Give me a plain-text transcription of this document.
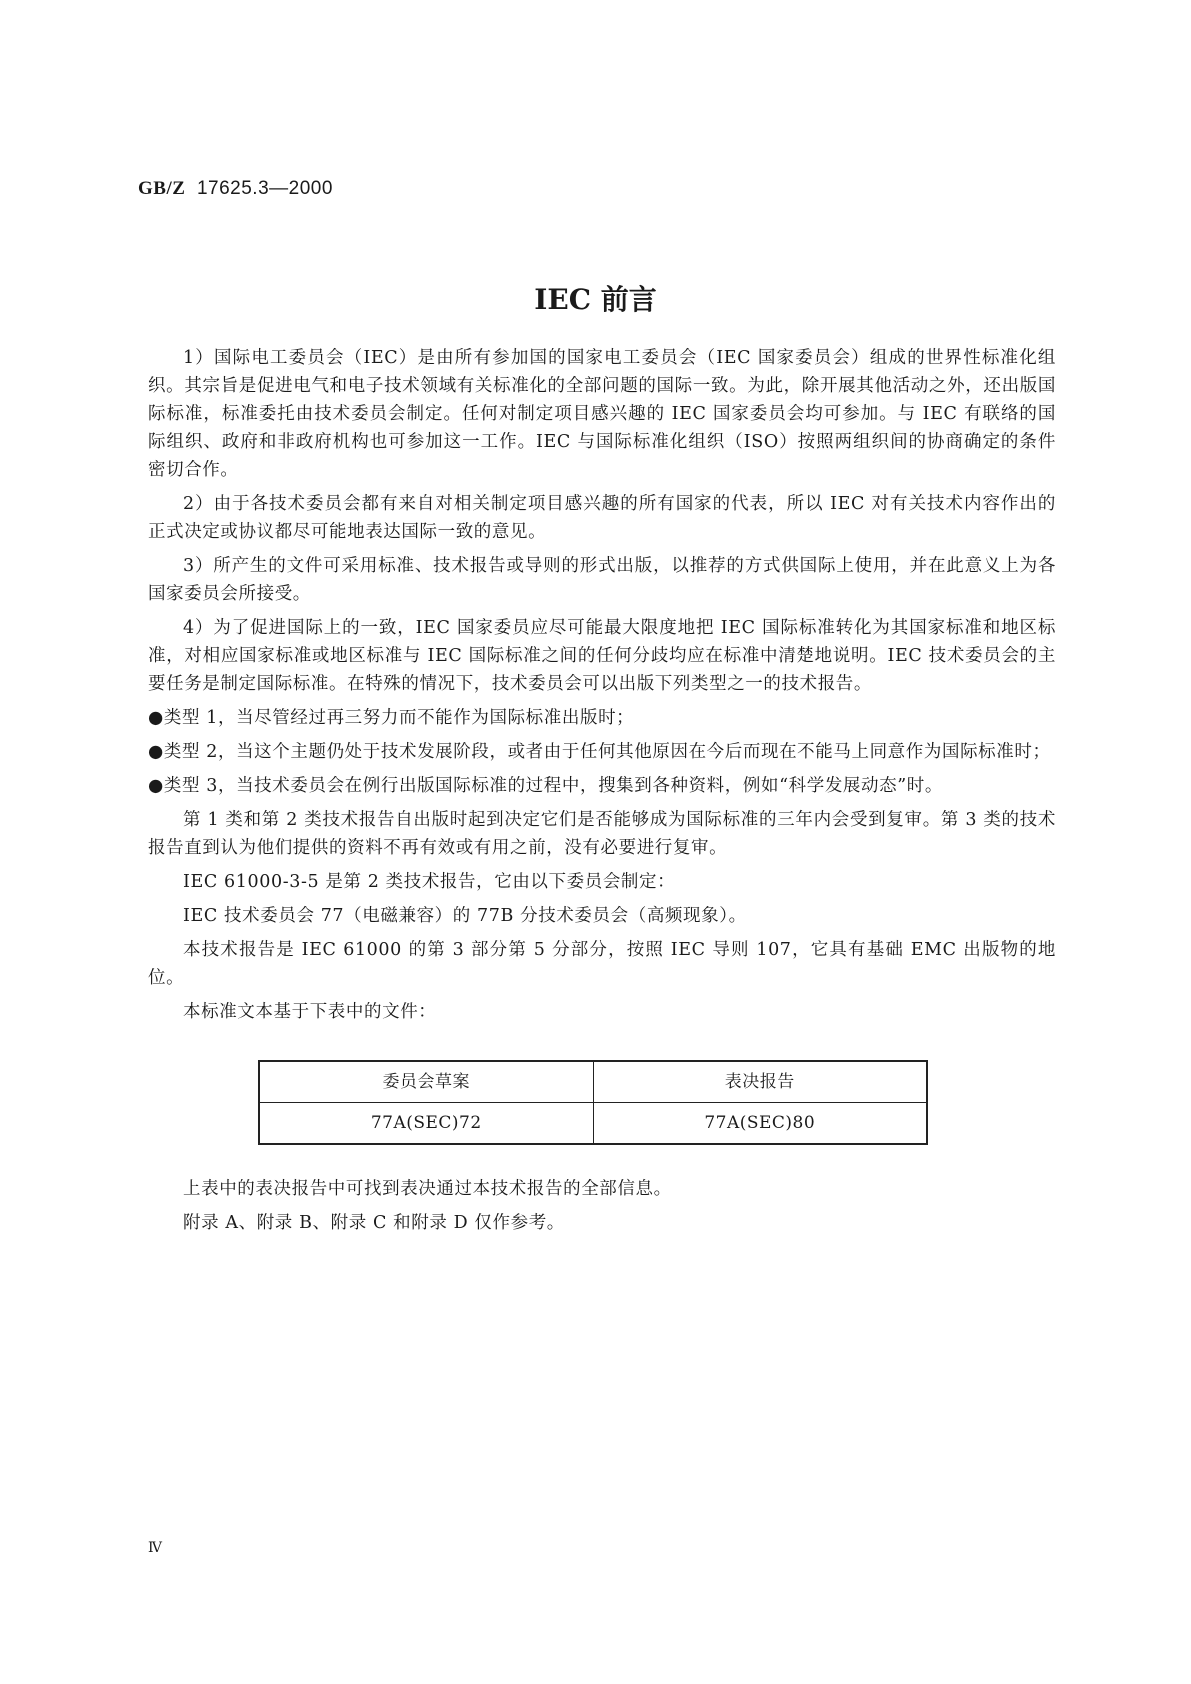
GB/Z 17625.3—2000

IEC 前言

1）国际电工委员会（IEC）是由所有参加国的国家电工委员会（IEC 国家委员会）组成的世界性标准化组织。其宗旨是促进电气和电子技术领域有关标准化的全部问题的国际一致。为此，除开展其他活动之外，还出版国际标准，标准委托由技术委员会制定。任何对制定项目感兴趣的 IEC 国家委员会均可参加。与 IEC 有联络的国际组织、政府和非政府机构也可参加这一工作。IEC 与国际标准化组织（ISO）按照两组织间的协商确定的条件密切合作。

2）由于各技术委员会都有来自对相关制定项目感兴趣的所有国家的代表，所以 IEC 对有关技术内容作出的正式决定或协议都尽可能地表达国际一致的意见。

3）所产生的文件可采用标准、技术报告或导则的形式出版，以推荐的方式供国际上使用，并在此意义上为各国家委员会所接受。

4）为了促进国际上的一致，IEC 国家委员应尽可能最大限度地把 IEC 国际标准转化为其国家标准和地区标准，对相应国家标准或地区标准与 IEC 国际标准之间的任何分歧均应在标准中清楚地说明。IEC 技术委员会的主要任务是制定国际标准。在特殊的情况下，技术委员会可以出版下列类型之一的技术报告。

●类型 1，当尽管经过再三努力而不能作为国际标准出版时；

●类型 2，当这个主题仍处于技术发展阶段，或者由于任何其他原因在今后而现在不能马上同意作为国际标准时；

●类型 3，当技术委员会在例行出版国际标准的过程中，搜集到各种资料，例如“科学发展动态”时。

第 1 类和第 2 类技术报告自出版时起到决定它们是否能够成为国际标准的三年内会受到复审。第 3 类的技术报告直到认为他们提供的资料不再有效或有用之前，没有必要进行复审。

IEC 61000-3-5 是第 2 类技术报告，它由以下委员会制定：

IEC 技术委员会 77（电磁兼容）的 77B 分技术委员会（高频现象）。

本技术报告是 IEC 61000 的第 3 部分第 5 分部分，按照 IEC 导则 107，它具有基础 EMC 出版物的地位。

本标准文本基于下表中的文件：

委员会草案	表决报告
77A(SEC)72	77A(SEC)80

上表中的表决报告中可找到表决通过本技术报告的全部信息。

附录 A、附录 B、附录 C 和附录 D 仅作参考。

Ⅳ
